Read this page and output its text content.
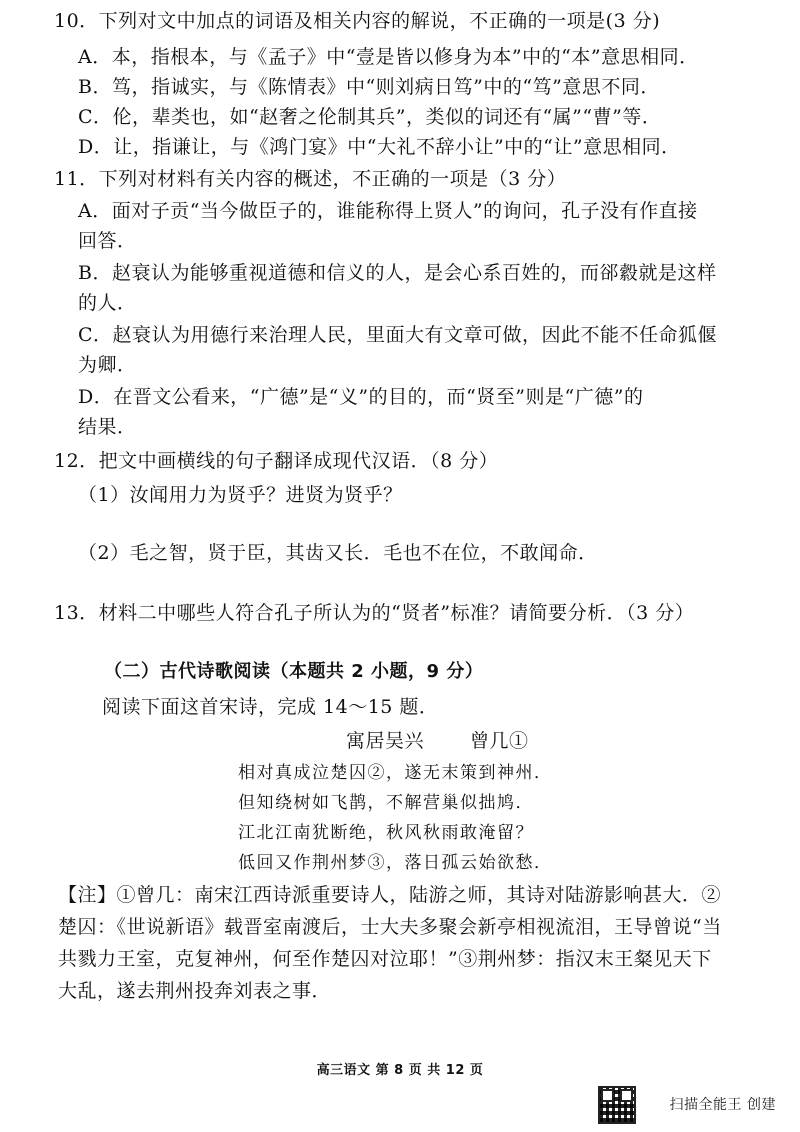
10．下列对文中加点的词语及相关内容的解说，不正确的一项是(3 分)
A．本，指根本，与《孟子》中“壹是皆以修身为本”中的“本”意思相同．
B．笃，指诚实，与《陈情表》中“则刘病日笃”中的“笃”意思不同．
C．伦，辈类也，如“赵奢之伦制其兵”，类似的词还有“属”“曹”等．
D．让，指谦让，与《鸿门宴》中“大礼不辞小让”中的“让”意思相同．
11．下列对材料有关内容的概述，不正确的一项是（3 分）
A．面对子贡“当今做臣子的，谁能称得上贤人”的询问，孔子没有作直接
回答．
B．赵衰认为能够重视道德和信义的人，是会心系百姓的，而郤縠就是这样
的人．
C．赵衰认为用德行来治理人民，里面大有文章可做，因此不能不任命狐偃
为卿．
D．在晋文公看来，“广德”是“义”的目的，而“贤至”则是“广德”的
结果．
12．把文中画横线的句子翻译成现代汉语．（8 分）
（1）汝闻用力为贤乎？进贤为贤乎？
（2）毛之智，贤于臣，其齿又长．毛也不在位，不敢闻命．
13．材料二中哪些人符合孔子所认为的“贤者”标准？请简要分析．（3 分）
（二）古代诗歌阅读（本题共 2 小题，9 分）
阅读下面这首宋诗，完成 14～15 题．
寓居吴兴 曾几①
相对真成泣楚囚②，遂无末策到神州．
但知绕树如飞鹊，不解营巢似拙鸠．
江北江南犹断绝，秋风秋雨敢淹留？
低回又作荆州梦③，落日孤云始欲愁．
【注】①曾几：南宋江西诗派重要诗人，陆游之师，其诗对陆游影响甚大．②
楚囚：《世说新语》载晋室南渡后，士大夫多聚会新亭相视流泪，王导曾说“当
共戮力王室，克复神州，何至作楚囚对泣耶！”③荆州梦：指汉末王粲见天下
大乱，遂去荆州投奔刘表之事．
高三语文 第 8 页 共 12 页
扫描全能王 创建
